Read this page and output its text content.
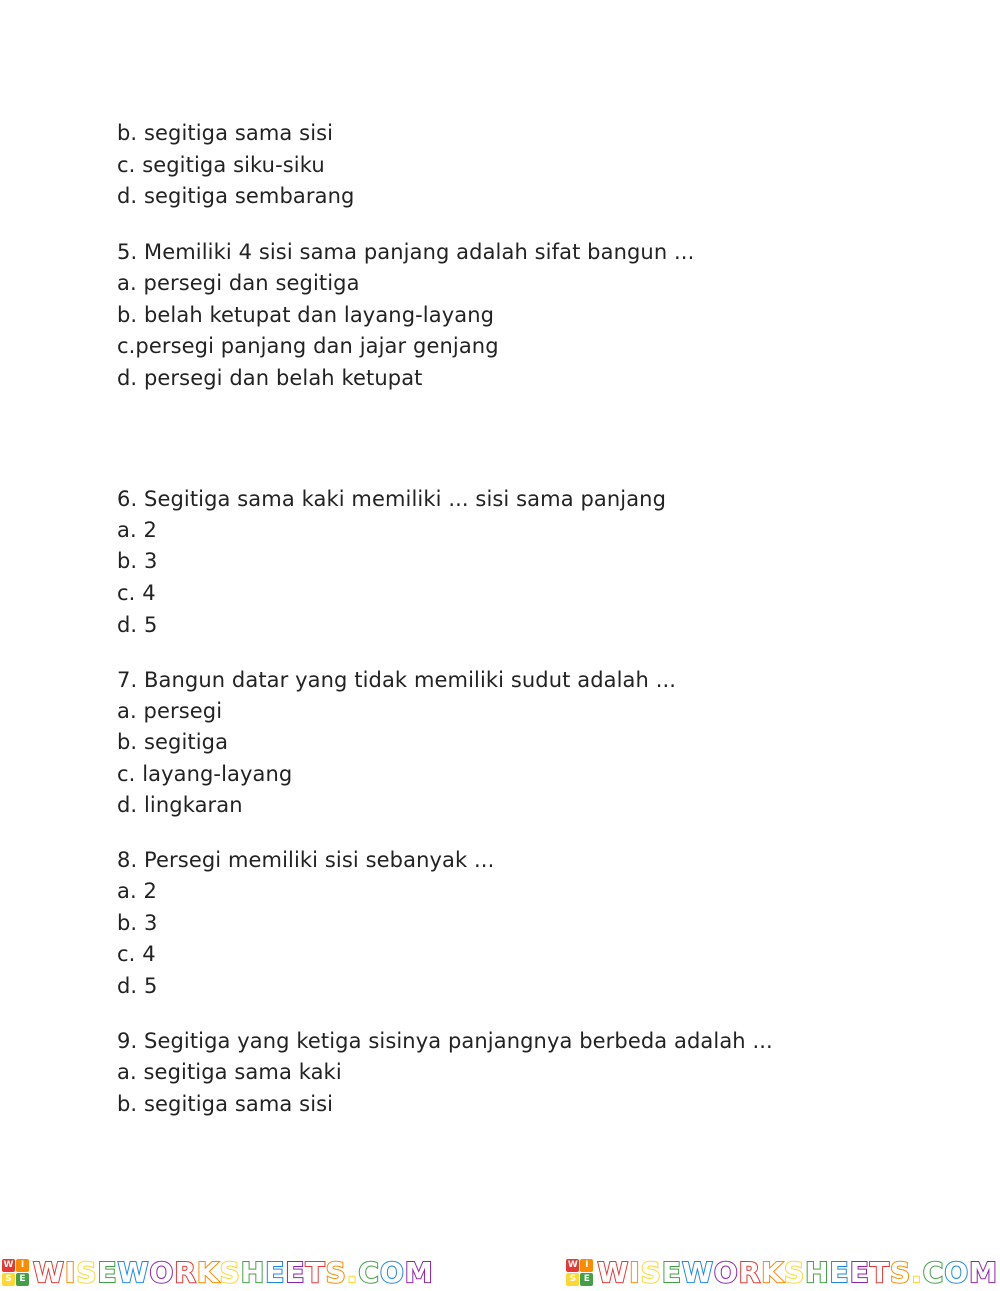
b. segitiga sama sisi
c. segitiga siku-siku
d. segitiga sembarang
5. Memiliki 4 sisi sama panjang adalah sifat bangun ...
a. persegi dan segitiga
b. belah ketupat dan layang-layang
c.persegi panjang dan jajar genjang
d. persegi dan belah ketupat
6. Segitiga sama kaki memiliki ... sisi sama panjang
a. 2
b. 3
c. 4
d. 5
7. Bangun datar yang tidak memiliki sudut adalah ...
a. persegi
b. segitiga
c. layang-layang
d. lingkaran
8. Persegi memiliki sisi sebanyak ...
a. 2
b. 3
c. 4
d. 5
9. Segitiga yang ketiga sisinya panjangnya berbeda adalah ...
a. segitiga sama kaki
b. segitiga sama sisi
W I
S E WISEWORKSHEETS.COM	W I
S E WISEWORKSHEETS.COM
